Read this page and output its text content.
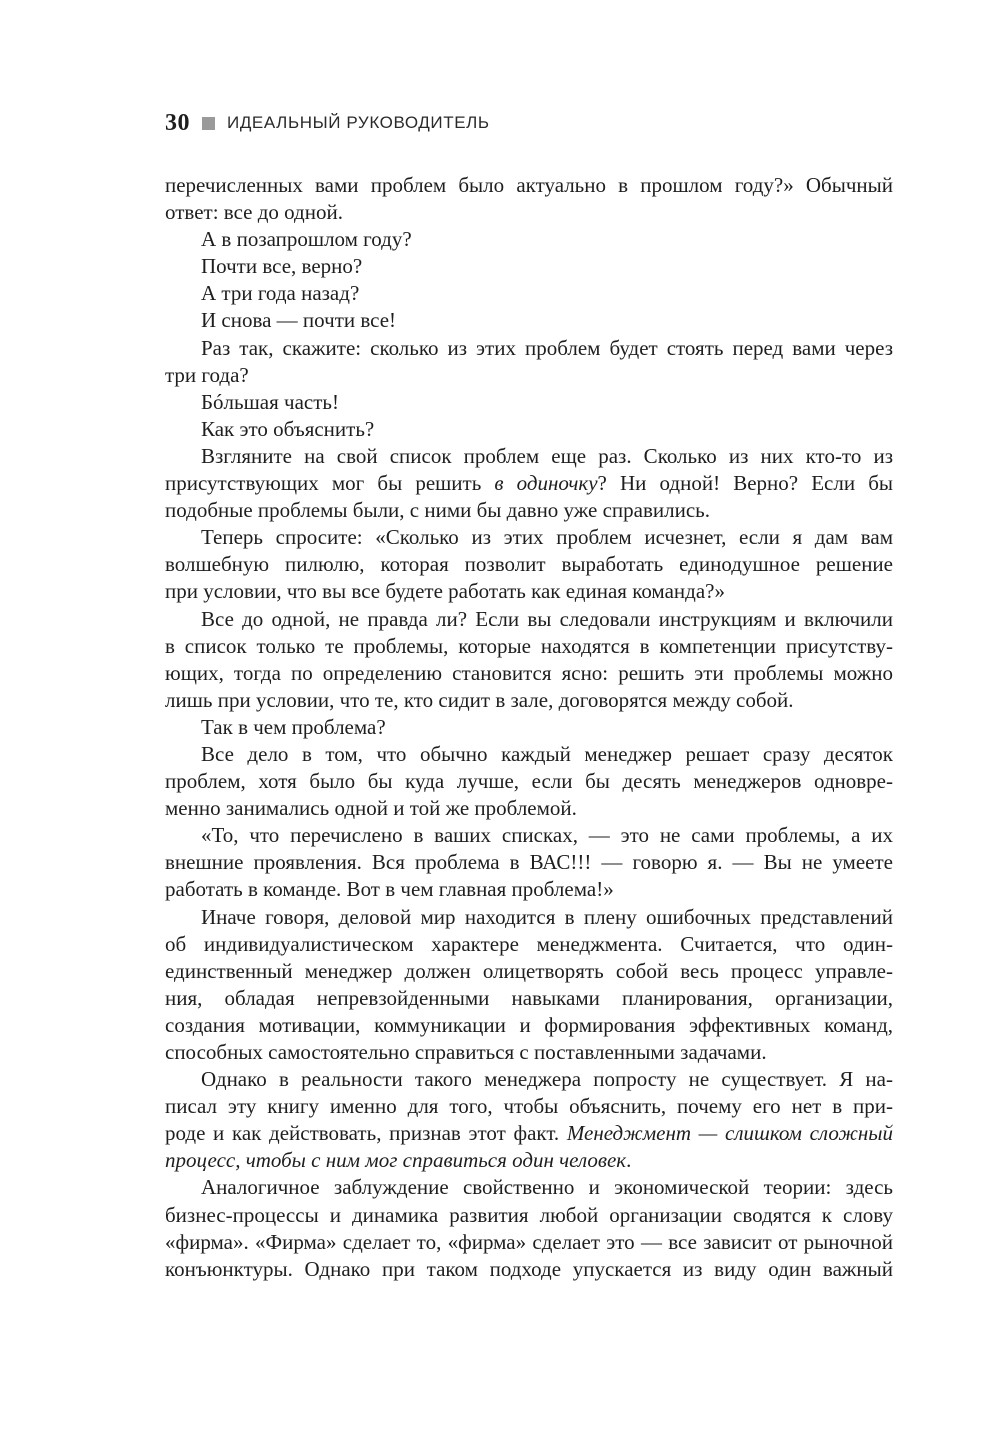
30 ИДЕАЛЬНЫЙ РУКОВОДИТЕЛЬ
перечисленных вами проблем было актуально в прошлом году?» Обычный
ответ: все до одной.
А в позапрошлом году?
Почти все, верно?
А три года назад?
И снова — почти все!
Раз так, скажите: сколько из этих проблем будет стоять перед вами через
три года?
Бóльшая часть!
Как это объяснить?
Взгляните на свой список проблем еще раз. Сколько из них кто-то из
присутствующих мог бы решить в одиночку? Ни одной! Верно? Если бы
подобные проблемы были, с ними бы давно уже справились.
Теперь спросите: «Сколько из этих проблем исчезнет, если я дам вам
волшебную пилюлю, которая позволит выработать единодушное решение
при условии, что вы все будете работать как единая команда?»
Все до одной, не правда ли? Если вы следовали инструкциям и включили
в список только те проблемы, которые находятся в компетенции присутству-
ющих, тогда по определению становится ясно: решить эти проблемы можно
лишь при условии, что те, кто сидит в зале, договорятся между собой.
Так в чем проблема?
Все дело в том, что обычно каждый менеджер решает сразу десяток
проблем, хотя было бы куда лучше, если бы десять менеджеров одновре-
менно занимались одной и той же проблемой.
«То, что перечислено в ваших списках, — это не сами проблемы, а их
внешние проявления. Вся проблема в ВАС!!! — говорю я. — Вы не умеете
работать в команде. Вот в чем главная проблема!»
Иначе говоря, деловой мир находится в плену ошибочных представлений
об индивидуалистическом характере менеджмента. Считается, что один-
единственный менеджер должен олицетворять собой весь процесс управле-
ния, обладая непревзойденными навыками планирования, организации,
создания мотивации, коммуникации и формирования эффективных команд,
способных самостоятельно справиться с поставленными задачами.
Однако в реальности такого менеджера попросту не существует. Я на-
писал эту книгу именно для того, чтобы объяснить, почему его нет в при-
роде и как действовать, признав этот факт. Менеджмент — слишком сложный
процесс, чтобы с ним мог справиться один человек.
Аналогичное заблуждение свойственно и экономической теории: здесь
бизнес-процессы и динамика развития любой организации сводятся к слову
«фирма». «Фирма» сделает то, «фирма» сделает это — все зависит от рыночной
конъюнктуры. Однако при таком подходе упускается из виду один важный
